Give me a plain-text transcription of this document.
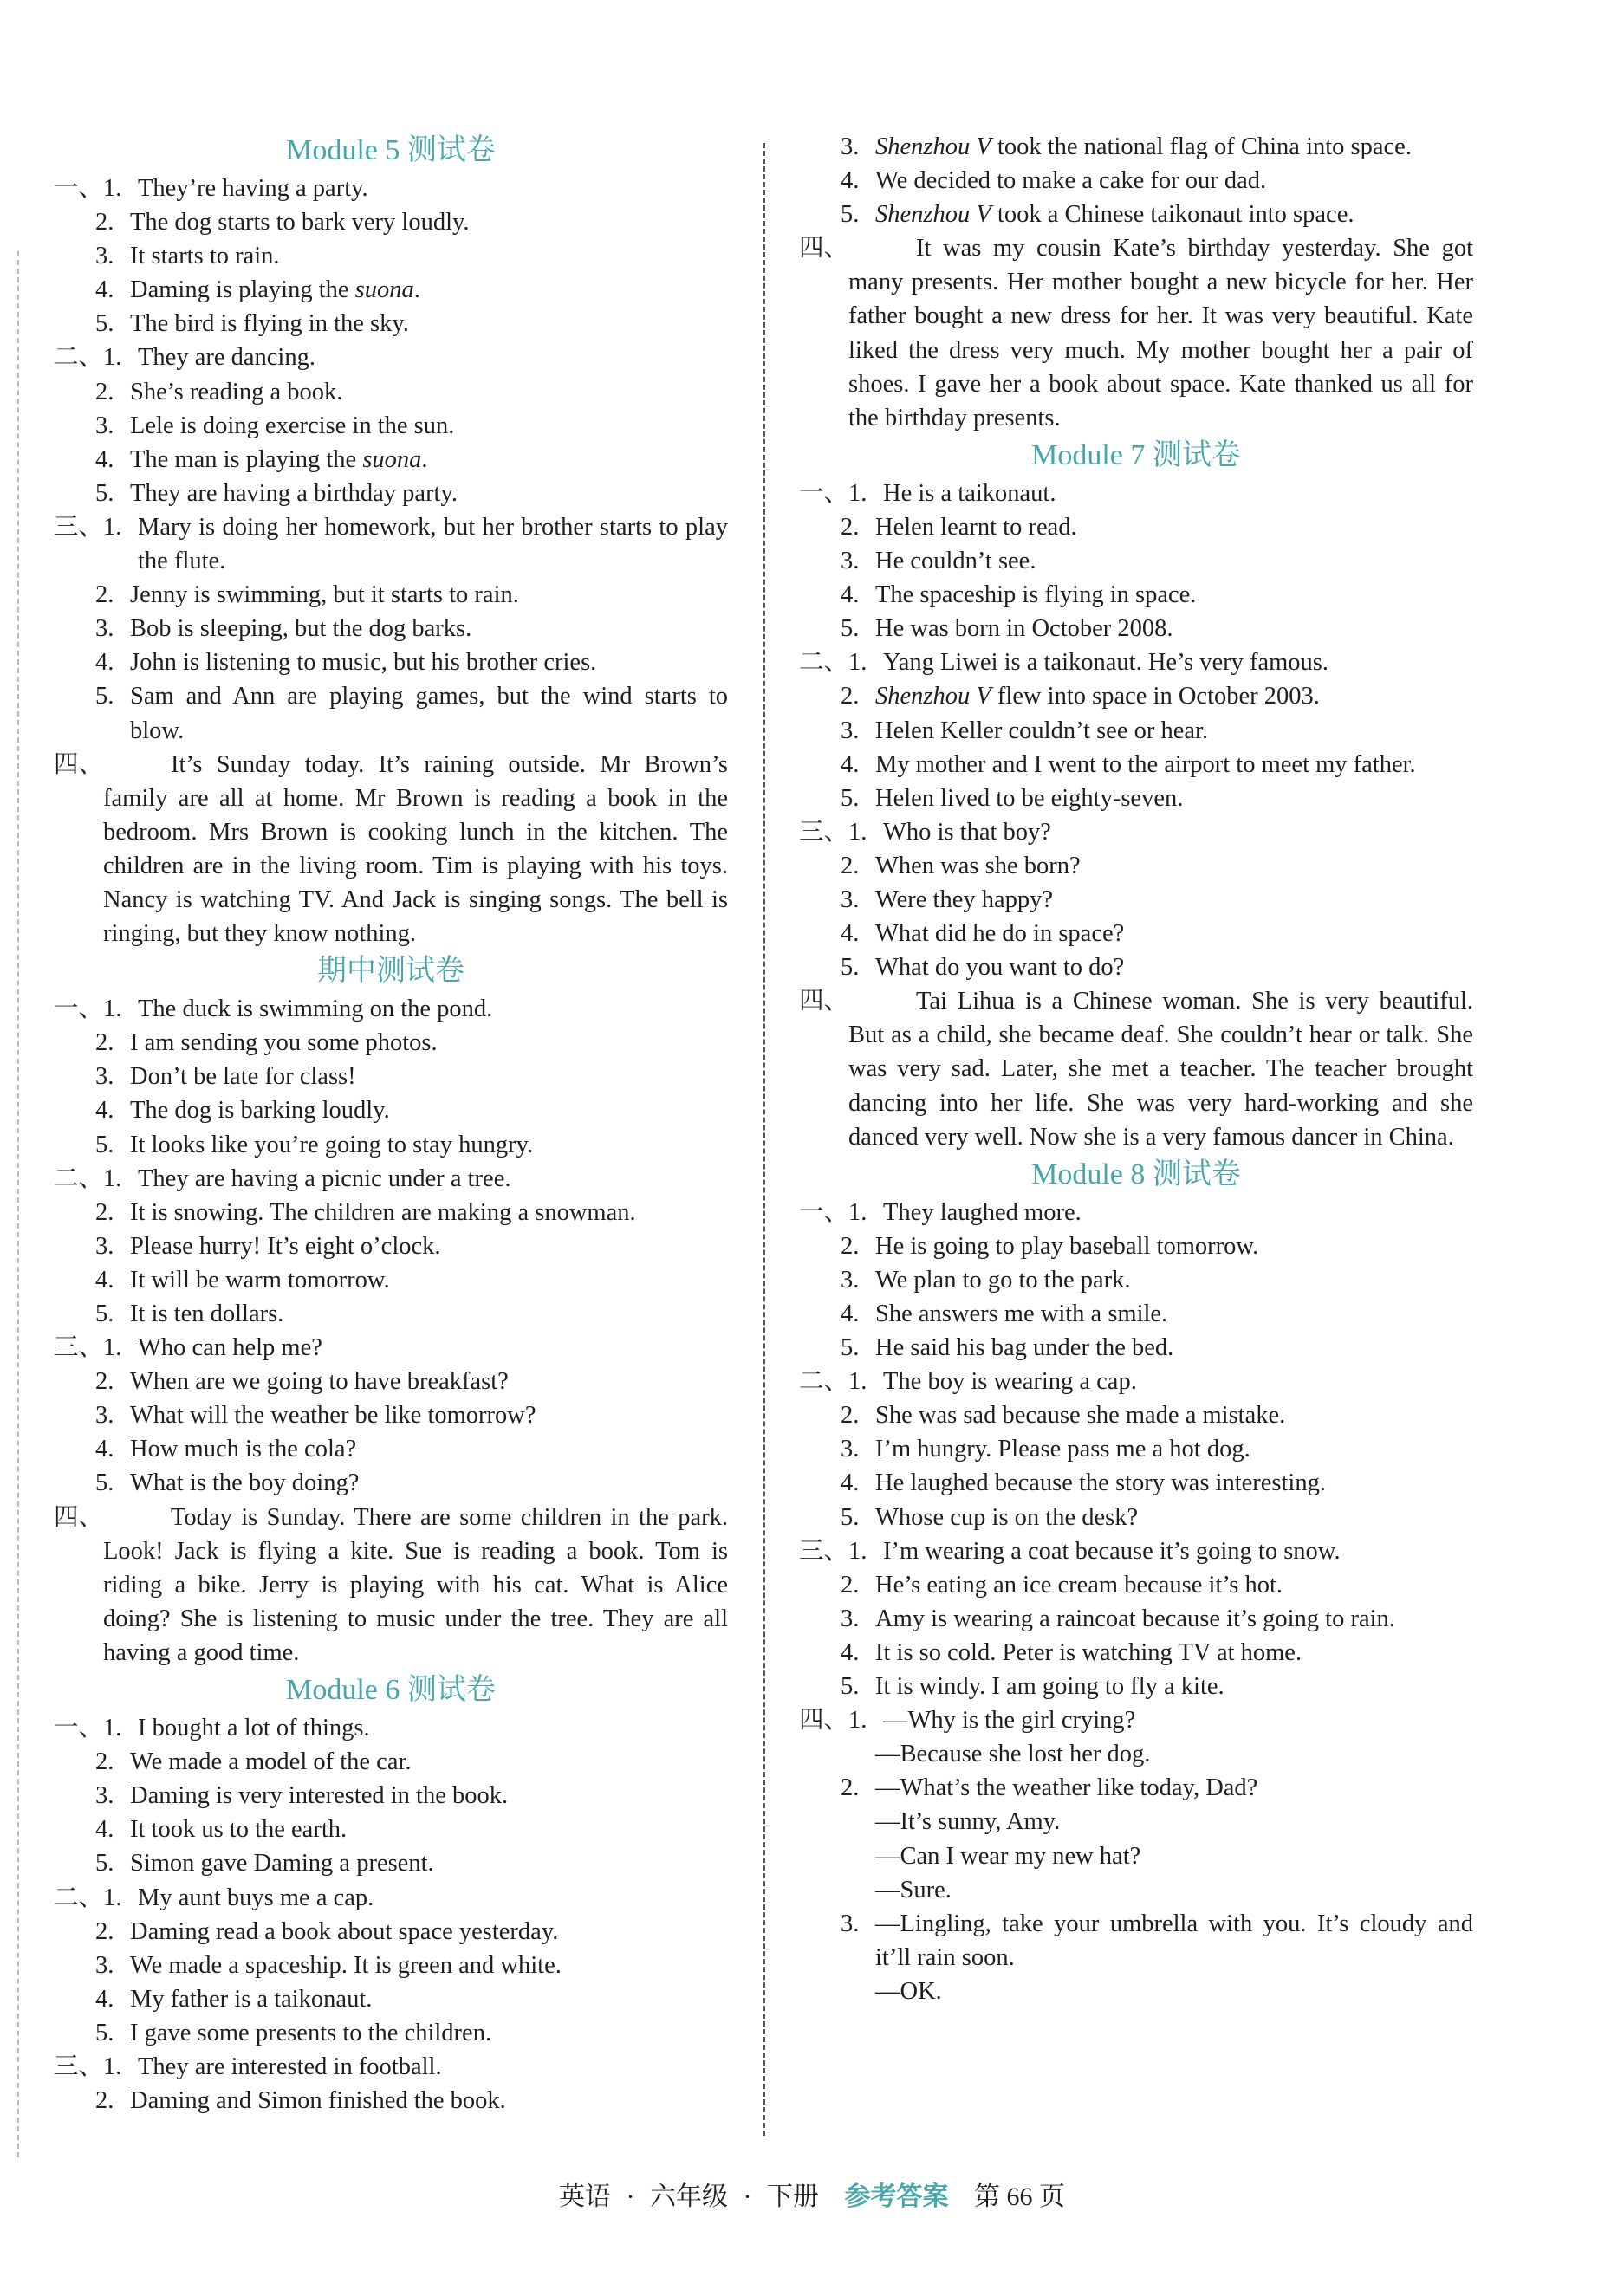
Module 5 测试卷
一、 1. They’re having a party.
2. The dog starts to bark very loudly.
3. It starts to rain.
4. Daming is playing the suona.
5. The bird is flying in the sky.
二、 1. They are dancing.
2. She’s reading a book.
3. Lele is doing exercise in the sun.
4. The man is playing the suona.
5. They are having a birthday party.
三、 1. Mary is doing her homework, but her brother starts to play the flute.
2. Jenny is swimming, but it starts to rain.
3. Bob is sleeping, but the dog barks.
4. John is listening to music, but his brother cries.
5. Sam and Ann are playing games, but the wind starts to blow.
四、	It’s Sunday today. It’s raining outside. Mr Brown’s family are all at home. Mr Brown is reading a book in the bedroom. Mrs Brown is cooking lunch in the kitchen. The children are in the living room. Tim is playing with his toys. Nancy is watching TV. And Jack is singing songs. The bell is ringing, but they know nothing.
期中测试卷
一、 1. The duck is swimming on the pond.
2. I am sending you some photos.
3. Don’t be late for class!
4. The dog is barking loudly.
5. It looks like you’re going to stay hungry.
二、 1. They are having a picnic under a tree.
2. It is snowing. The children are making a snowman.
3. Please hurry! It’s eight o’clock.
4. It will be warm tomorrow.
5. It is ten dollars.
三、 1. Who can help me?
2. When are we going to have breakfast?
3. What will the weather be like tomorrow?
4. How much is the cola?
5. What is the boy doing?
四、	Today is Sunday. There are some children in the park. Look! Jack is flying a kite. Sue is reading a book. Tom is riding a bike. Jerry is playing with his cat. What is Alice doing? She is listening to music under the tree. They are all having a good time.
Module 6 测试卷
一、 1. I bought a lot of things.
2. We made a model of the car.
3. Daming is very interested in the book.
4. It took us to the earth.
5. Simon gave Daming a present.
二、 1. My aunt buys me a cap.
2. Daming read a book about space yesterday.
3. We made a spaceship. It is green and white.
4. My father is a taikonaut.
5. I gave some presents to the children.
三、 1. They are interested in football.
2. Daming and Simon finished the book.
3. Shenzhou V took the national flag of China into space.
4. We decided to make a cake for our dad.
5. Shenzhou V took a Chinese taikonaut into space.
四、	It was my cousin Kate’s birthday yesterday. She got many presents. Her mother bought a new bicycle for her. Her father bought a new dress for her. It was very beautiful. Kate liked the dress very much. My mother bought her a pair of shoes. I gave her a book about space. Kate thanked us all for the birthday presents.
Module 7 测试卷
一、 1. He is a taikonaut.
2. Helen learnt to read.
3. He couldn’t see.
4. The spaceship is flying in space.
5. He was born in October 2008.
二、 1. Yang Liwei is a taikonaut. He’s very famous.
2. Shenzhou V flew into space in October 2003.
3. Helen Keller couldn’t see or hear.
4. My mother and I went to the airport to meet my father.
5. Helen lived to be eighty-seven.
三、 1. Who is that boy?
2. When was she born?
3. Were they happy?
4. What did he do in space?
5. What do you want to do?
四、	Tai Lihua is a Chinese woman. She is very beautiful. But as a child, she became deaf. She couldn’t hear or talk. She was very sad. Later, she met a teacher. The teacher brought dancing into her life. She was very hard-working and she danced very well. Now she is a very famous dancer in China.
Module 8 测试卷
一、 1. They laughed more.
2. He is going to play baseball tomorrow.
3. We plan to go to the park.
4. She answers me with a smile.
5. He said his bag under the bed.
二、 1. The boy is wearing a cap.
2. She was sad because she made a mistake.
3. I’m hungry. Please pass me a hot dog.
4. He laughed because the story was interesting.
5. Whose cup is on the desk?
三、 1. I’m wearing a coat because it’s going to snow.
2. He’s eating an ice cream because it’s hot.
3. Amy is wearing a raincoat because it’s going to rain.
4. It is so cold. Peter is watching TV at home.
5. It is windy. I am going to fly a kite.
四、 1. —Why is the girl crying?
—Because she lost her dog.
2. —What’s the weather like today, Dad?
—It’s sunny, Amy.
—Can I wear my new hat?
—Sure.
3. —Lingling, take your umbrella with you. It’s cloudy and it’ll rain soon.
—OK.
英语 · 六年级 · 下册 参考答案 第 66 页
